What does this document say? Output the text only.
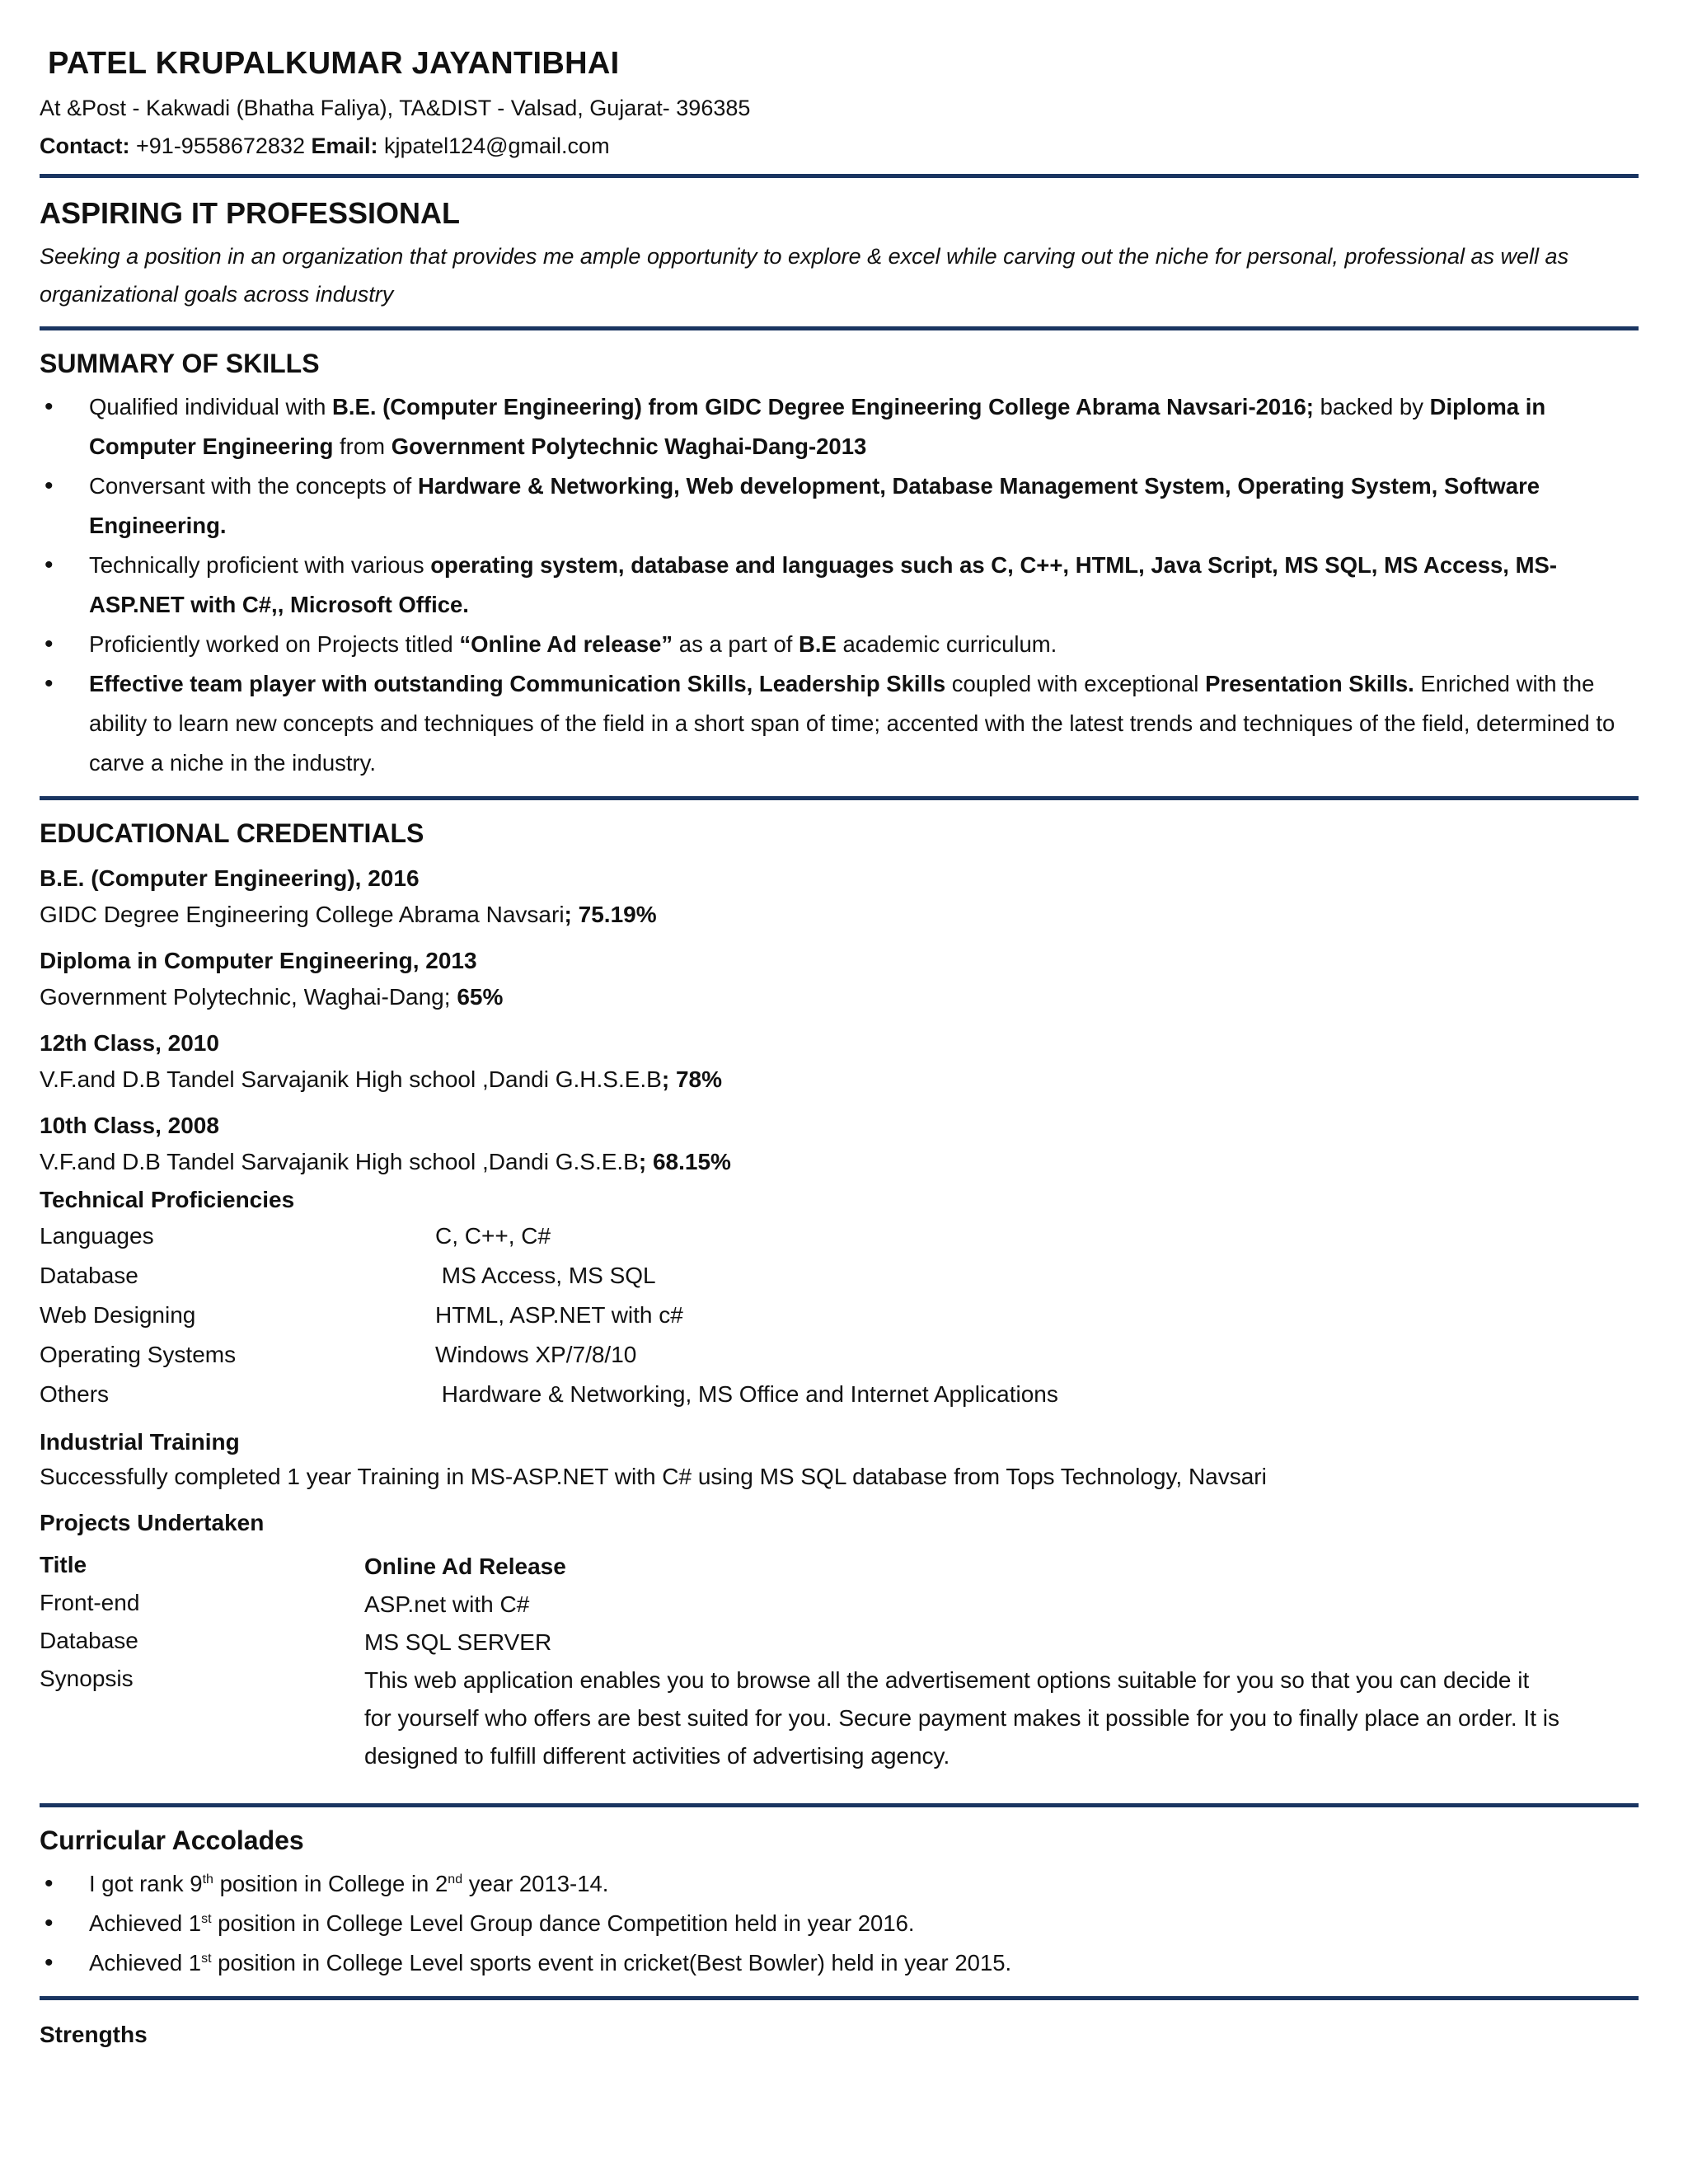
PATEL KRUPALKUMAR JAYANTIBHAI
At &Post - Kakwadi (Bhatha Faliya), TA&DIST - Valsad, Gujarat- 396385
Contact: +91-9558672832 Email: kjpatel124@gmail.com
ASPIRING IT PROFESSIONAL

Seeking a position in an organization that provides me ample opportunity to explore & excel while carving out the niche for personal, professional as well as organizational goals across industry

SUMMARY OF SKILLS
• Qualified individual with B.E. (Computer Engineering) from GIDC Degree Engineering College Abrama Navsari-2016; backed by Diploma in Computer Engineering from Government Polytechnic Waghai-Dang-2013
• Conversant with the concepts of Hardware & Networking, Web development, Database Management System, Operating System, Software Engineering.
• Technically proficient with various operating system, database and languages such as C, C++, HTML, Java Script, MS SQL, MS Access, MS-ASP.NET with C#,, Microsoft Office.
• Proficiently worked on Projects titled “Online Ad release” as a part of B.E academic curriculum.
• Effective team player with outstanding Communication Skills, Leadership Skills coupled with exceptional Presentation Skills. Enriched with the ability to learn new concepts and techniques of the field in a short span of time; accented with the latest trends and techniques of the field, determined to carve a niche in the industry.
EDUCATIONAL CREDENTIALS
B.E. (Computer Engineering), 2016
GIDC Degree Engineering College Abrama Navsari; 75.19%
Diploma in Computer Engineering, 2013
Government Polytechnic, Waghai-Dang; 65%
12th Class, 2010
V.F.and D.B Tandel Sarvajanik High school ,Dandi G.H.S.E.B; 78%
10th Class, 2008
V.F.and D.B Tandel Sarvajanik High school ,Dandi G.S.E.B; 68.15%
Technical Proficiencies
Languages	C, C++, C#
Database	MS Access, MS SQL
Web Designing	HTML, ASP.NET with c#
Operating Systems	Windows XP/7/8/10
Others	Hardware & Networking, MS Office and Internet Applications
Industrial Training

Successfully completed 1 year Training in MS-ASP.NET with C# using MS SQL database from Tops Technology, Navsari

Projects Undertaken
Title	Online Ad Release
Front-end	ASP.net with C#
Database	MS SQL SERVER
Synopsis	This web application enables you to browse all the advertisement options suitable for you so that you can decide it for yourself who offers are best suited for you. Secure payment makes it possible for you to finally place an order. It is designed to fulfill different activities of advertising agency.
Curricular Accolades
• I got rank 9th position in College in 2nd year 2013-14.
• Achieved 1st position in College Level Group dance Competition held in year 2016.
• Achieved 1st position in College Level sports event in cricket(Best Bowler) held in year 2015.
Strengths
